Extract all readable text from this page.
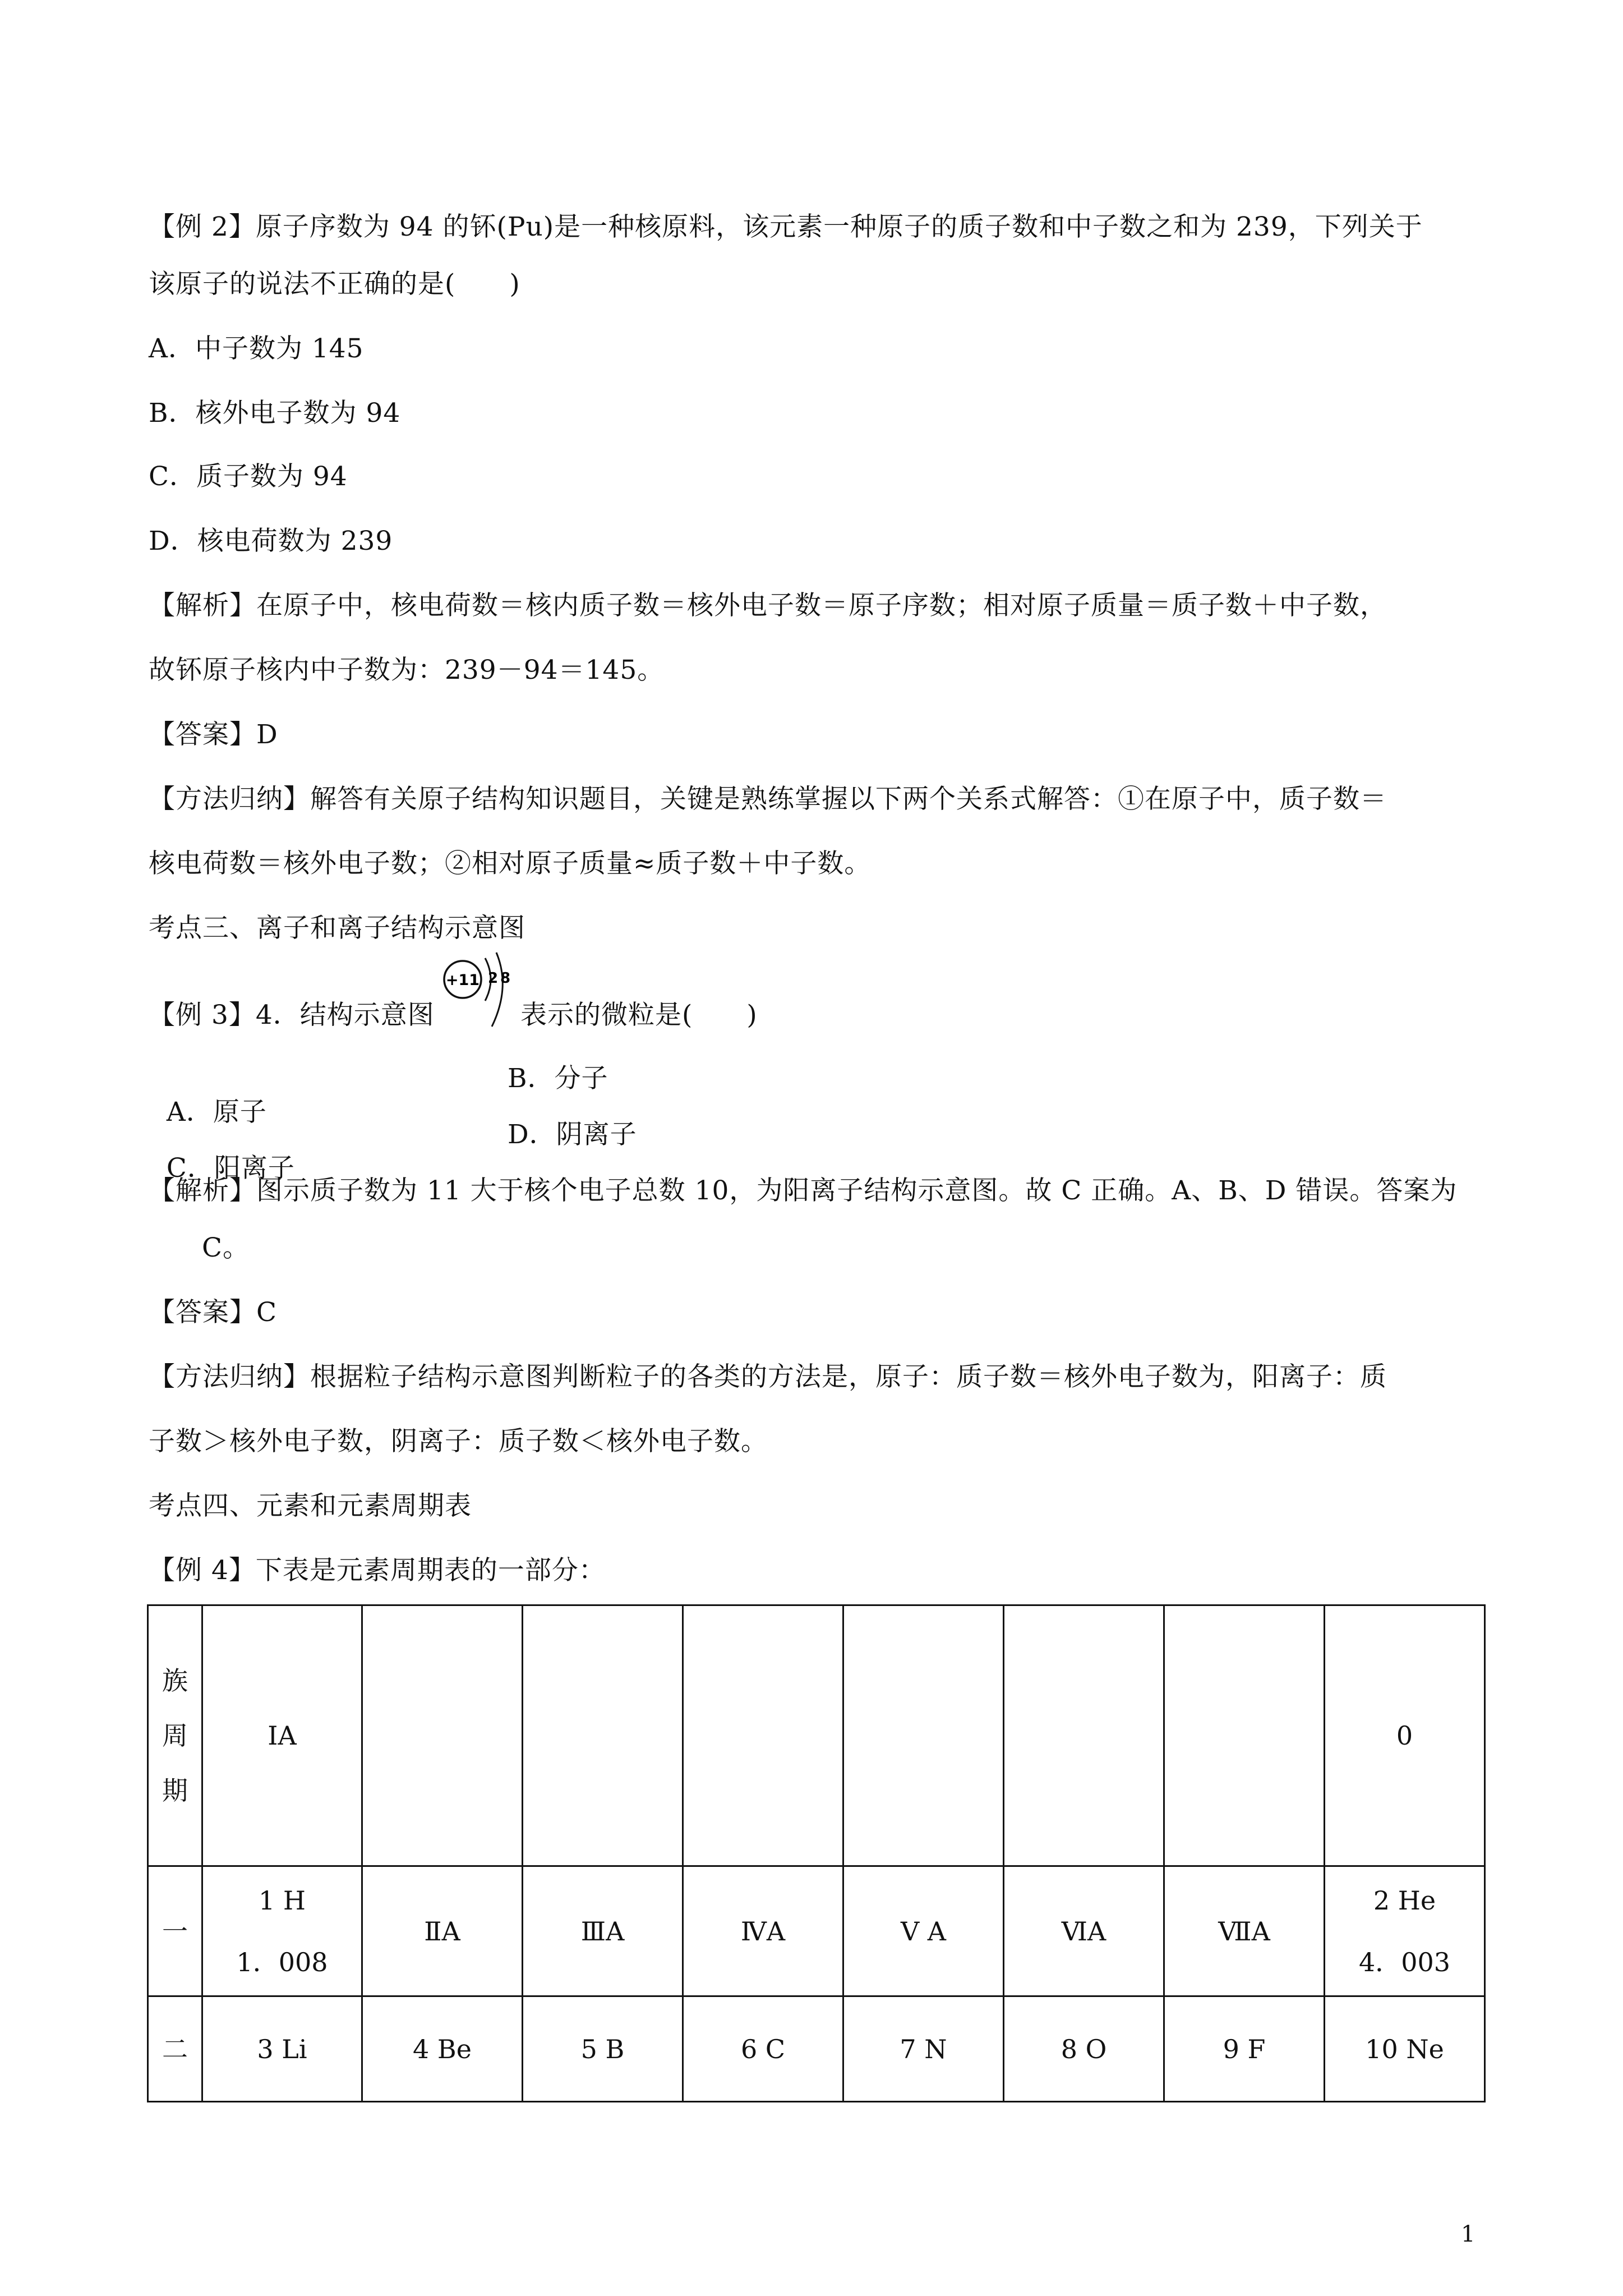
【例 2】原子序数为 94 的钚(Pu)是一种核原料，该元素一种原子的质子数和中子数之和为 239，下列关于
该原子的说法不正确的是(　　)
A．中子数为 145
B．核外电子数为 94
C．质子数为 94
D．核电荷数为 239
【解析】在原子中，核电荷数＝核内质子数＝核外电子数＝原子序数；相对原子质量＝质子数＋中子数，
故钚原子核内中子数为：239－94＝145。
【答案】D
【方法归纳】解答有关原子结构知识题目，关键是熟练掌握以下两个关系式解答：①在原子中，质子数＝
核电荷数＝核外电子数；②相对原子质量≈质子数＋中子数。
考点三、离子和离子结构示意图
【例 3】4．结构示意图
+11 2 8
表示的微粒是(　　)

A．原子

B．分子

C．阳离子

D．阴离子

【解析】图示质子数为 11 大于核个电子总数 10，为阳离子结构示意图。故 C 正确。A、B、D 错误。答案为
C。
【答案】C
【方法归纳】根据粒子结构示意图判断粒子的各类的方法是，原子：质子数＝核外电子数为，阳离子：质
子数＞核外电子数，阴离子：质子数＜核外电子数。
考点四、元素和元素周期表
【例 4】下表是元素周期表的一部分：
族
周
期	ⅠA							0
一	1 H
1．008	ⅡA	ⅢA	ⅣA	Ⅴ A	ⅥA	ⅦA	2 He
4．003

二	3 Li	4 Be	5 B	6 C	7 N	8 O	9 F	10 Ne
1
